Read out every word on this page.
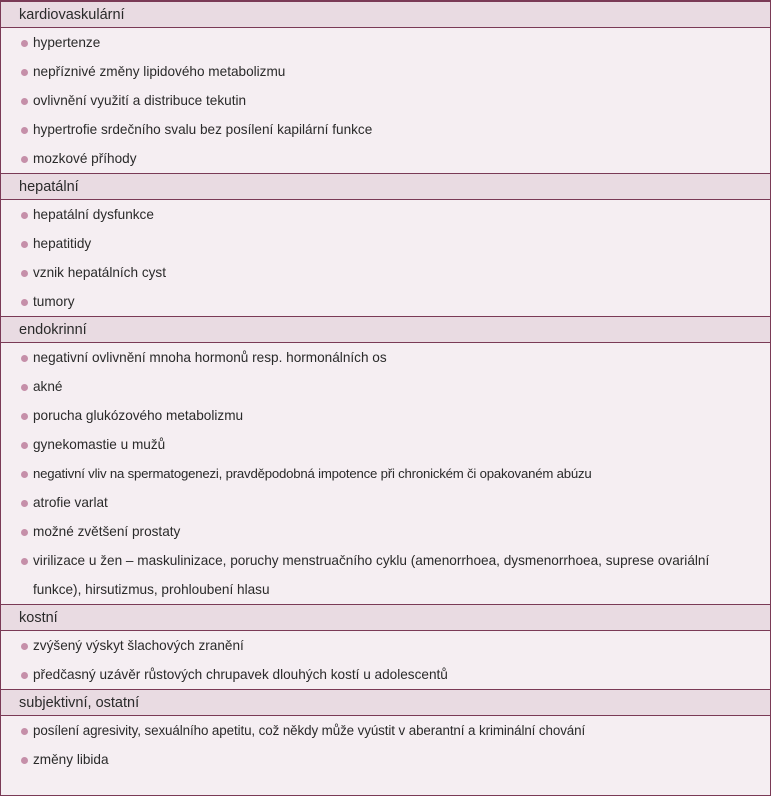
kardiovaskulární
hypertenze
nepříznivé změny lipidového metabolizmu
ovlivnění využití a distribuce tekutin
hypertrofie srdečního svalu bez posílení kapilární funkce
mozkové příhody
hepatální
hepatální dysfunkce
hepatitidy
vznik hepatálních cyst
tumory
endokrinní
negativní ovlivnění mnoha hormonů resp. hormonálních os
akné
porucha glukózového metabolizmu
gynekomastie u mužů
negativní vliv na spermatogenezi, pravděpodobná impotence při chronickém či opakovaném abúzu
atrofie varlat
možné zvětšení prostaty
virilizace u žen – maskulinizace, poruchy menstruačního cyklu (amenorrhoea, dysmenorrhoea, suprese ovariální funkce), hirsutizmus, prohloubení hlasu
kostní
zvýšený výskyt šlachových zranění
předčasný uzávěr růstových chrupavek dlouhých kostí u adolescentů
subjektivní, ostatní
posílení agresivity, sexuálního apetitu, což někdy může vyústit v aberantní a kriminální chování
změny libida
